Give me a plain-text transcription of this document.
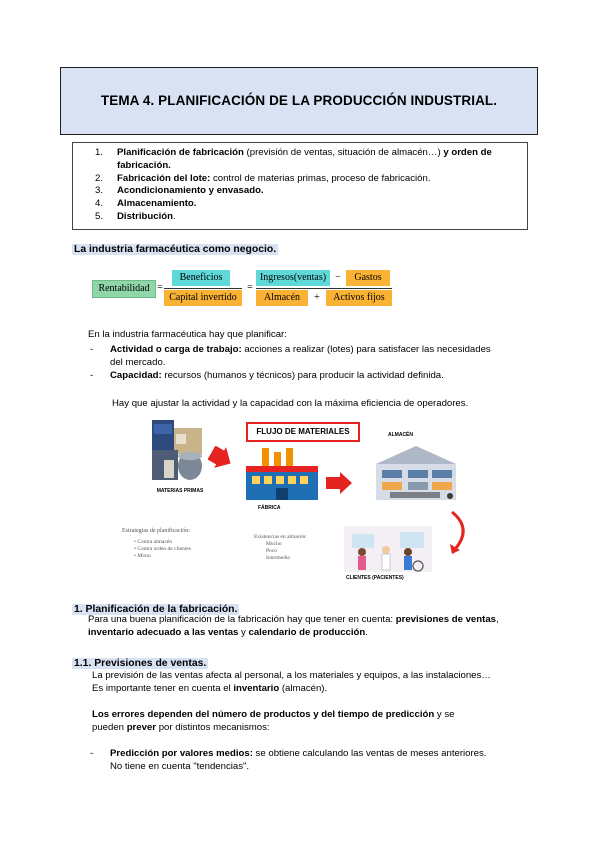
TEMA 4. PLANIFICACIÓN DE LA PRODUCCIÓN INDUSTRIAL.
1.	Planificación de fabricación (previsión de ventas, situación de almacén…) y orden de fabricación.
2.	Fabricación del lote: control de materias primas, proceso de fabricación.
3.	Acondicionamiento y envasado.
4.	Almacenamiento.
5.	Distribución.
La industria farmacéutica como negocio.
Rentabilidad =
Beneficios
Capital invertido
=
Ingresos(ventas) −	Gastos
Almacén	+	Activos fijos
En la industria farmacéutica hay que planificar:
- Actividad o carga de trabajo: acciones a realizar (lotes) para satisfacer las necesidades
del mercado.
- Capacidad: recursos (humanos y técnicos) para producir la actividad definida.
Hay que ajustar la actividad y la capacidad con la máxima eficiencia de operadores.
MATERIAS PRIMAS
FLUJO DE MATERIALES
FÁBRICA
ALMACÉN
CLIENTES (PACIENTES)
Estrategias de planificación:
• Contra almacén
• Contra orden de clientes
• Mixto
Existencias en almacén:
Mucho
Poco
Intermedio
1. Planificación de la fabricación.
Para una buena planificación de la fabricación hay que tener en cuenta: previsiones de ventas,
inventario adecuado a las ventas y calendario de producción.
1.1. Previsiones de ventas.
La previsión de las ventas afecta al personal, a los materiales y equipos, a las instalaciones…
Es importante tener en cuenta el inventario (almacén).
Los errores dependen del número de productos y del tiempo de predicción y se
pueden prever por distintos mecanismos:
- Predicción por valores medios: se obtiene calculando las ventas de meses anteriores.
No tiene en cuenta "tendencias".
